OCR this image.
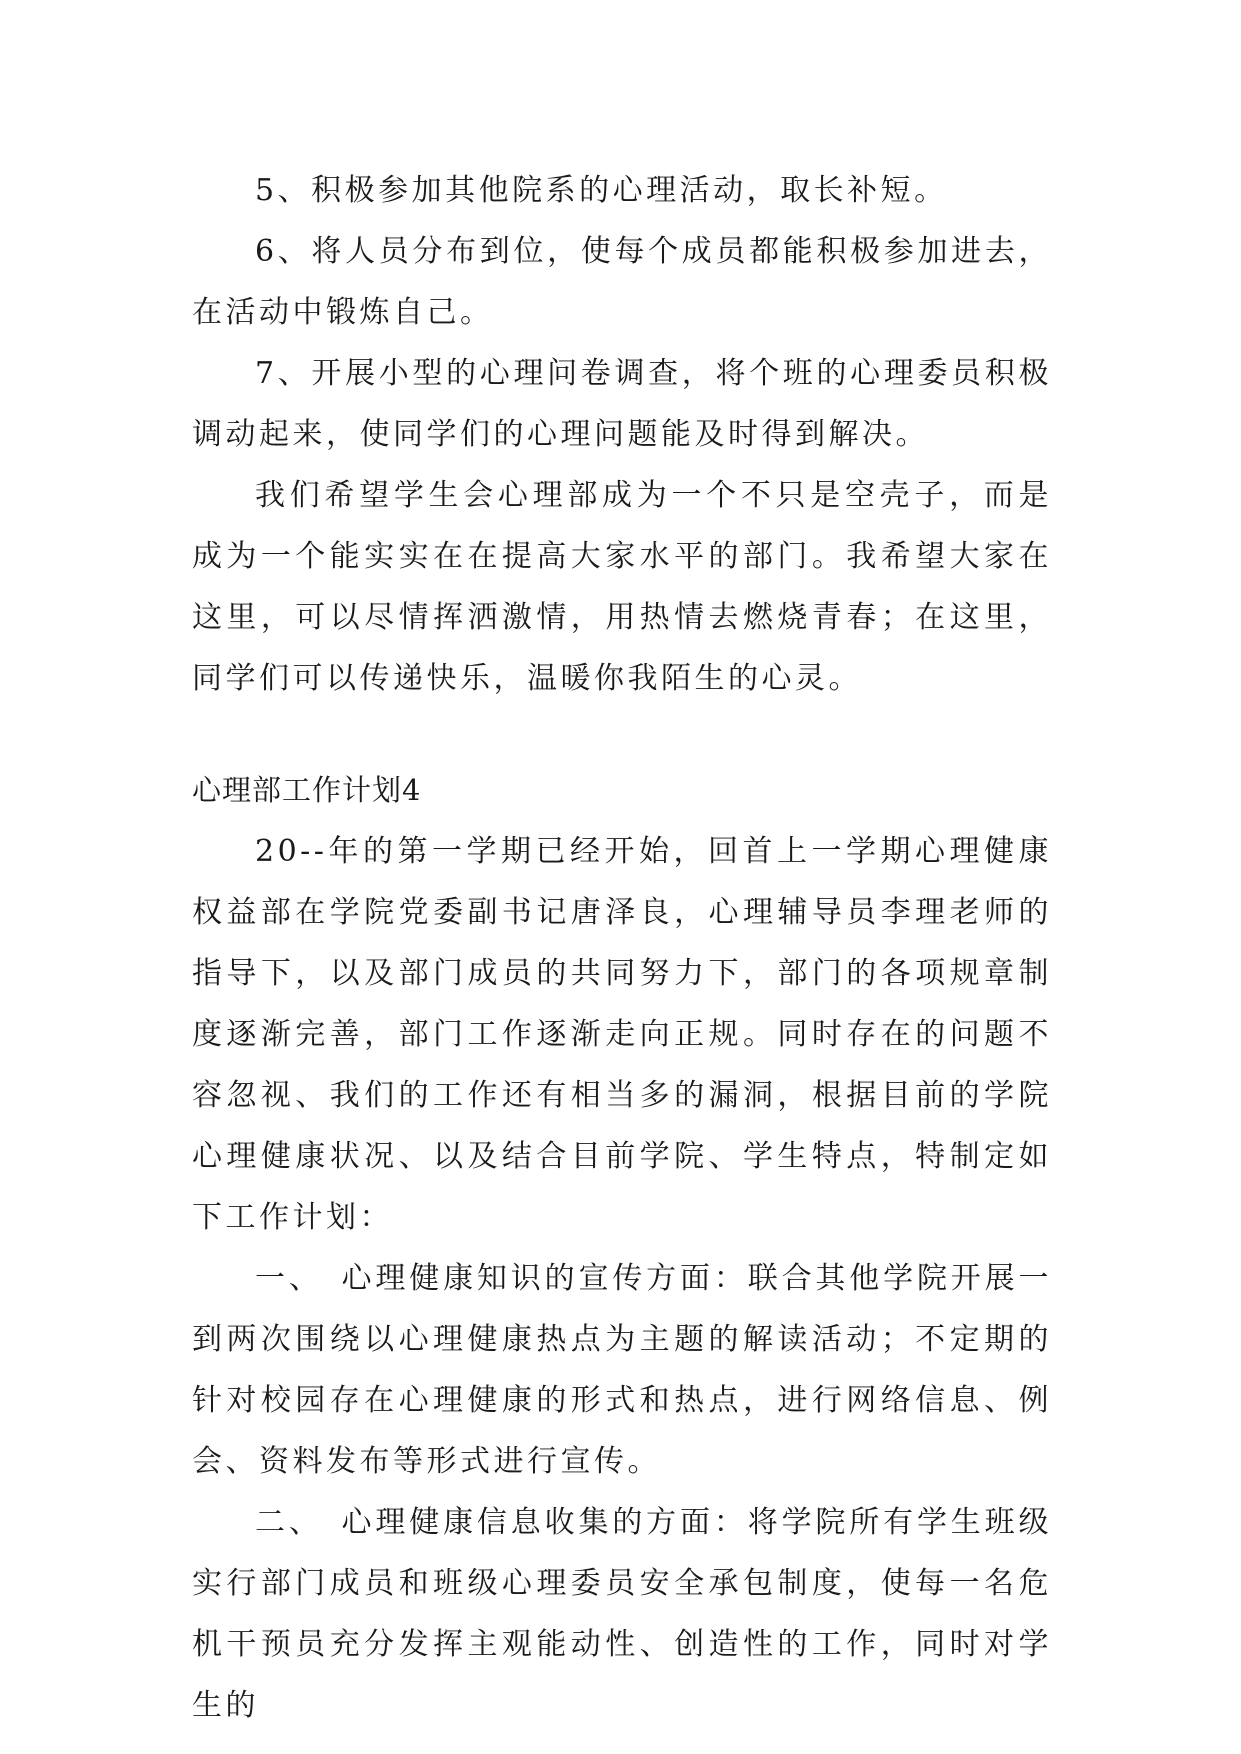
5、积极参加其他院系的心理活动，取长补短。

6、将人员分布到位，使每个成员都能积极参加进去，在活动中锻炼自己。

7、开展小型的心理问卷调查，将个班的心理委员积极调动起来，使同学们的心理问题能及时得到解决。

我们希望学生会心理部成为一个不只是空壳子，而是成为一个能实实在在提高大家水平的部门。我希望大家在这里，可以尽情挥洒激情，用热情去燃烧青春；在这里，同学们可以传递快乐，温暖你我陌生的心灵。

心理部工作计划4

20--年的第一学期已经开始，回首上一学期心理健康权益部在学院党委副书记唐泽良，心理辅导员李理老师的指导下，以及部门成员的共同努力下，部门的各项规章制度逐渐完善，部门工作逐渐走向正规。同时存在的问题不容忽视、我们的工作还有相当多的漏洞，根据目前的学院心理健康状况、以及结合目前学院、学生特点，特制定如下工作计划：

一、　心理健康知识的宣传方面：联合其他学院开展一到两次围绕以心理健康热点为主题的解读活动；不定期的针对校园存在心理健康的形式和热点，进行网络信息、例会、资料发布等形式进行宣传。

二、　心理健康信息收集的方面：将学院所有学生班级实行部门成员和班级心理委员安全承包制度，使每一名危机干预员充分发挥主观能动性、创造性的工作，同时对学生的
